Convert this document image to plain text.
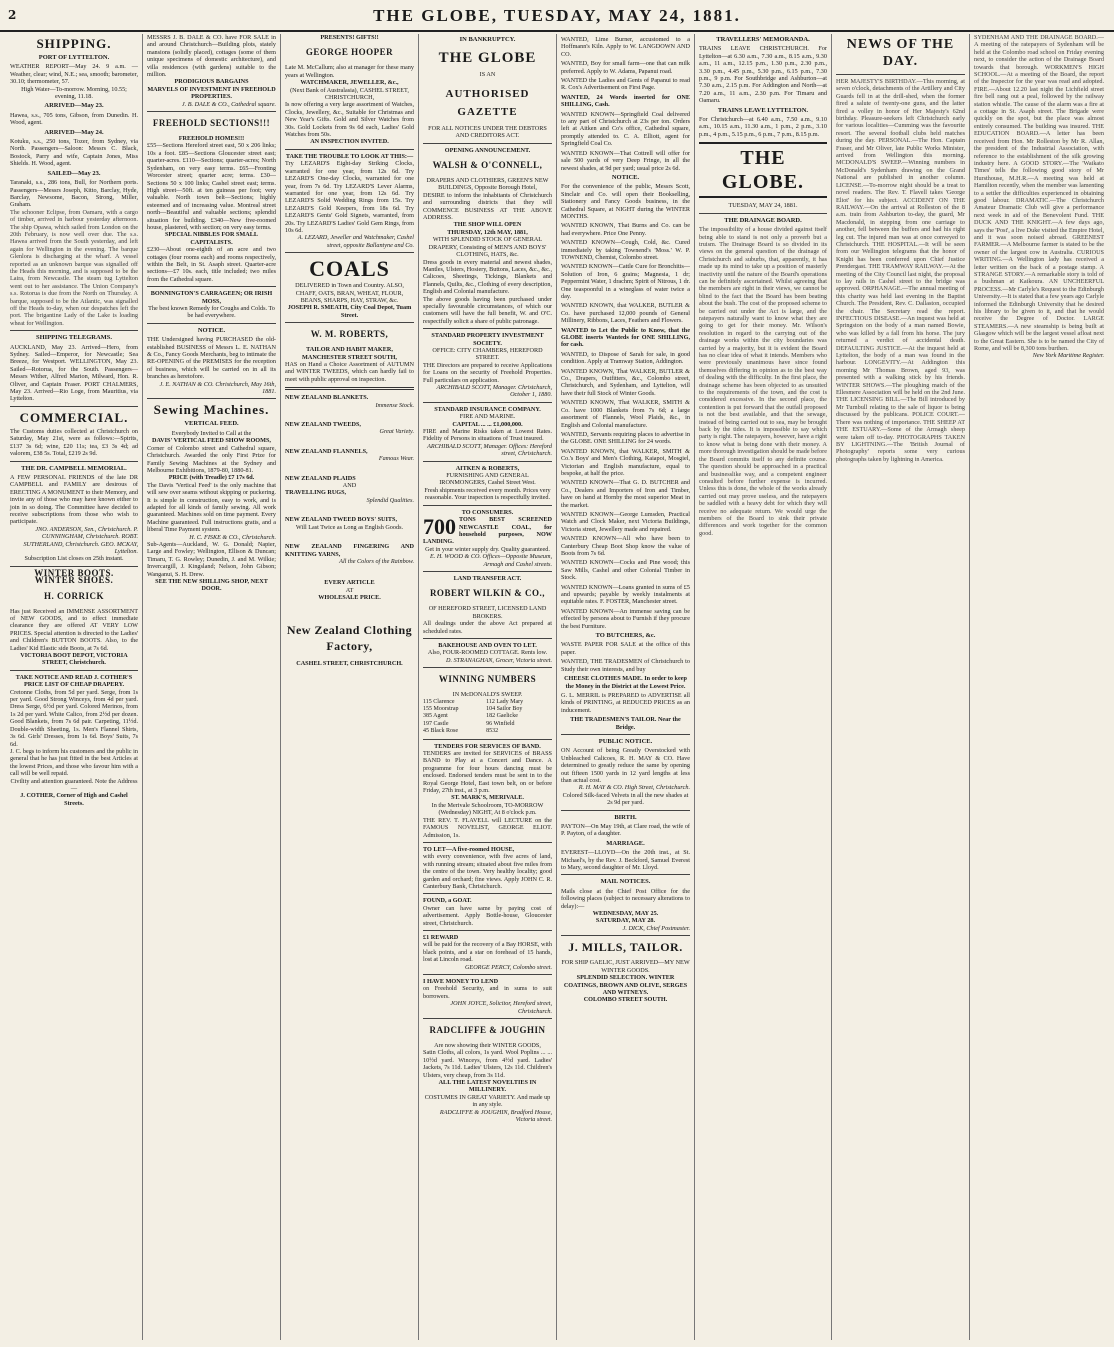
2	THE GLOBE, TUESDAY, MAY 24, 1881.
SHIPPING.
PORT OF LYTTELTON.
WEATHER REPORT—May 24. 9 a.m. — Weather, clear; wind, N.E.; sea, smooth; barometer, 30.10; thermometer, 57.
High Water—To-morrow. Morning, 10.55; evening, 11.18.
ARRIVED—May 23.
Hawea, s.s., 705 tons, Gibson, from Dunedin. H. Wood, agent.
ARRIVED—May 24.
Kotuku, s.s., 250 tons, Tozer, from Sydney, via North. Passengers—Saloon: Messrs C. Black, Bostock, Parry and wife, Captain Jones, Miss Shields. H. Wood, agent.
SAILED—May 23.
Taranaki, s.s., 286 tons, Bull, for Northern ports. Passengers—Messrs Joseph, Kitto, Barclay, Hyde, Barclay, Newsome, Bacon, Strong, Miller, Graham.
The schooner Eclipse, from Oamaru, with a cargo of timber, arrived in harbour yesterday afternoon. The ship Opawa, which sailed from London on the 20th February, is now well over due. The s.s. Hawea arrived from the South yesterday, and left again for Wellington in the evening. The barque Glenlora is discharging at the wharf. A vessel reported as an unknown barque was signalled off the Heads this morning, and is supposed to be the Laira, from Newcastle. The steam tug Lyttelton went out to her assistance. The Union Company's s.s. Rotorua is due from the North on Thursday. A barque, supposed to be the Atlantic, was signalled off the Heads to-day, when our despatches left the port. The brigantine Lady of the Lake is loading wheat for Wellington.
SHIPPING TELEGRAMS.
AUCKLAND, May 23. Arrived—Hero, from Sydney. Sailed—Emperor, for Newcastle; Sea Breeze, for Westport. WELLINGTON, May 23. Sailed—Rotorua, for the South. Passengers—Messrs Wither, Alfred Marion, Milward, Hon. R. Oliver, and Captain Fraser. PORT CHALMERS, May 23. Arrived—Rio Loge, from Mauritius, via Lyttelton.
COMMERCIAL.
The Customs duties collected at Christchurch on Saturday, May 21st, were as follows:—Spirits, £137 3s 6d; wine, £20 11s; tea, £3 3s 4d; ad valorem, £38 5s. Total, £219 2s 9d.
THE DR. CAMPBELL MEMORIAL.
A FEW PERSONAL FRIENDS of the late DR CAMPBELL and FAMILY are desirous of ERECTING A MONUMENT to their Memory, and invite any of those who may have known either to join in so doing. The Committee have decided to receive subscriptions from those who wish to participate.
JNO. ANDERSON, Sen., Christchurch. P. CUNNINGHAM, Christchurch. ROBT. SUTHERLAND, Christchurch. GEO. MCKAY, Lyttelton.
Subscription List closes on 25th instant.
WINTER BOOTS.
WINTER SHOES.
H. CORRICK
Has just Received an IMMENSE ASSORTMENT of NEW GOODS, and to effect immediate clearance they are offered AT VERY LOW PRICES. Special attention is directed to the Ladies' and Children's BUTTON BOOTS. Also, to the Ladies' Kid Elastic side Boots, at 7s 6d.
VICTORIA BOOT DEPOT, VICTORIA STREET, Christchurch.
TAKE NOTICE AND READ J. COTHER'S PRICE LIST OF CHEAP DRAPERY.
Cretonne Cloths, from 5d per yard. Serge, from 1s per yard. Good Strong Winceys, from 4d per yard. Dress Serge, 6½d per yard. Colored Merinos, from 1s 2d per yard. White Calico, from 2½d per dozen. Good Blankets, from 7s 6d pair. Carpeting, 11½d. Double-width Sheeting, 1s. Men's Flannel Shirts, 3s 6d. Girls' Dresses, from 1s 6d. Boys' Suits, 7s 6d.
J. C. begs to inform his customers and the public in general that he has just fitted in the best Articles at the lowest Prices, and those who favour him with a call will be well repaid.
Civility and attention guaranteed. Note the Address—
J. COTHER, Corner of High and Cashel Streets.
MESSRS J. B. DALE & CO. have FOR SALE in and around Christchurch—Building plots, stately mansions (solidly placed), cottages (some of them unique specimens of domestic architecture), and villa residences (with gardens) suitable to the million.
PRODIGIOUS BARGAINS
MARVELS OF INVESTMENT IN FREEHOLD PROPERTIES.
J. B. DALE & CO., Cathedral square.
FREEHOLD SECTIONS!!!
FREEHOLD HOMES!!!
£55—Sections Hereford street east, 50 x 206 links; 10s a foot. £85—Sections Gloucester street east; quarter-acres. £110—Sections; quarter-acres; North Sydenham, on very easy terms. £65—Fronting Worcester street; quarter acre; terms. £30—Sections 50 x 100 links; Cashel street east; terms. High street—50ft. at ten guineas per foot; very valuable. North town belt—Sections; highly esteemed and of increasing value. Montreal street north—Beautiful and valuable sections; splendid situation for building. £340—New five-roomed house, plastered, with section; on very easy terms.
SPECIAL NIBBLES FOR SMALL CAPITALISTS.
£230—About one-eighth of an acre and two cottages (four rooms each) and rooms respectively, within the Belt, in St. Asaph street. Quarter-acre sections—£7 10s. each, title included; two miles from the Cathedral square.
BONNINGTON'S CARRAGEEN; OR IRISH MOSS,
The best known Remedy for Coughs and Colds. To be had everywhere.
NOTICE.
THE Undersigned having PURCHASED the old-established BUSINESS of Messrs L. E. NATHAN & Co., Fancy Goods Merchants, beg to intimate the RE-OPENING of the PREMISES for the reception of business, which will be carried on in all its branches as heretofore.
J. E. NATHAN & CO. Christchurch, May 16th, 1881.
Sewing Machines.
VERTICAL FEED.
Everybody Invited to Call at the
DAVIS' VERTICAL FEED SHOW ROOMS,
Corner of Colombo street and Cathedral square, Christchurch. Awarded the only First Prize for Family Sewing Machines at the Sydney and Melbourne Exhibitions, 1879-80, 1880-81.
PRICE (with Treadle) £7 17s 6d.
The Davis 'Vertical Feed' is the only machine that will sew over seams without skipping or puckering. It is simple in construction, easy to work, and is adapted for all kinds of family sewing. All work guaranteed. Machines sold on time payment. Every Machine guaranteed. Full instructions gratis, and a liberal Time Payment system.
H. C. FISKE & CO., Christchurch.
Sub-Agents—Auckland, W. G. Donald; Napier, Large and Fowley; Wellington, Ellison & Duncan; Timaru, T. G. Rowley; Dunedin, J. and M. Wilkie; Invercargill, J. Kingsland; Nelson, John Gibson; Wanganui, S. H. Drew.
SEE THE NEW SHILLING SHOP, NEXT DOOR.
PRESENTS! GIFTS!!
GEORGE HOOPER
Late M. McCallum; also at manager for these many years at Wellington.
WATCHMAKER, JEWELLER, &c.,
(Next Bank of Australasia), CASHEL STREET, CHRISTCHURCH,
Is now offering a very large assortment of Watches, Clocks, Jewellery, &c., Suitable for Christmas and New Year's Gifts. Gold and Silver Watches from 30s. Gold Lockets from 9s 6d each, Ladies' Gold Watches from 50s.
AN INSPECTION INVITED.
TAKE THE TROUBLE TO LOOK AT THIS:—
Try LEZARD'S Eight-day Striking Clocks, warranted for one year, from 12s 6d. Try LEZARD'S One-day Clocks, warranted for one year, from 7s 6d. Try LEZARD'S Lever Alarms, warranted for one year, from 12s 6d. Try LEZARD'S Solid Wedding Rings from 15s. Try LEZARD'S Gold Keepers, from 18s 6d. Try LEZARD'S Gents' Gold Signets, warranted, from 20s. Try LEZARD'S Ladies' Gold Gem Rings, from 10s 6d.
A. LEZARD, Jeweller and Watchmaker, Cashel street, opposite Ballantyne and Co.
COALS
DELIVERED in Town and Country. ALSO, CHAFF, OATS, BRAN, WHEAT, FLOUR, BEANS, SHARPS, HAY, STRAW, &c.
JOSEPH R. SMEATH, City Coal Depot, Tuam Street.
W. M. ROBERTS,
TAILOR AND HABIT MAKER, MANCHESTER STREET SOUTH,
HAS on Hand a Choice Assortment of AUTUMN and WINTER TWEEDS, which can hardly fail to meet with public approval on inspection.
NEW ZEALAND BLANKETS.
Immense Stock.
NEW ZEALAND TWEEDS,
Great Variety.
NEW ZEALAND FLANNELS,
Famous Wear.
NEW ZEALAND PLAIDS
AND
TRAVELLING RUGS,
Splendid Qualities.
NEW ZEALAND TWEED BOYS' SUITS,
Will Last Twice as Long as English Goods.
NEW ZEALAND FINGERING AND KNITTING YARNS,
All the Colors of the Rainbow.
EVERY ARTICLE
AT
WHOLESALE PRICE.
New Zealand Clothing Factory,
CASHEL STREET, CHRISTCHURCH.
IN BANKRUPTCY.
THE GLOBE
IS AN
AUTHORISED GAZETTE
FOR ALL NOTICES UNDER THE DEBTORS AND CREDITORS ACT.
OPENING ANNOUNCEMENT.
WALSH & O'CONNELL,
DRAPERS AND CLOTHIERS, GREEN'S NEW BUILDINGS, Opposite Borough Hotel,
DESIRE to inform the inhabitants of Christchurch and surrounding districts that they will COMMENCE BUSINESS AT THE ABOVE ADDRESS.
THE SHOP WILL OPEN
THURSDAY, 12th MAY, 1881,
WITH SPLENDID STOCK OF GENERAL DRAPERY, Consisting of MEN'S AND BOYS' CLOTHING, HATS, &c.
Dress goods in every material and newest shades, Mantles, Ulsters, Hosiery, Buttons, Laces, &c., &c., Calicoes, Sheetings, Tickings, Blankets and Flannels, Quilts, &c., Clothing of every description, English and Colonial manufacture.
The above goods having been purchased under specially favourable circumstances, of which our customers will have the full benefit, W. and O'C. respectfully solicit a share of public patronage.
STANDARD PROPERTY INVESTMENT SOCIETY.
OFFICE: CITY CHAMBERS, HEREFORD STREET.
THE Directors are prepared to receive Applications for Loans on the security of Freehold Properties. Full particulars on application.
ARCHIBALD SCOTT, Manager. Christchurch, October 1, 1880.
STANDARD INSURANCE COMPANY.
FIRE AND MARINE.
CAPITAL ... ... £1,000,000.
FIRE and Marine Risks taken at Lowest Rates. Fidelity of Persons in situations of Trust insured.
ARCHIBALD SCOTT, Manager. Offices: Hereford street, Christchurch.
AITKEN & ROBERTS,
FURNISHING AND GENERAL IRONMONGERS, Cashel Street West.
Fresh shipments received every month. Prices very reasonable. Your inspection is respectfully invited.
TO CONSUMERS.
700 TONS BEST SCREENED NEWCASTLE COAL, for household purposes, NOW LANDING.
Get in your winter supply dry. Quality guaranteed.
E. H. WOOD & CO. Offices—Opposite Museum, Armagh and Cashel streets.
LAND TRANSFER ACT.
ROBERT WILKIN & CO.,
OF HEREFORD STREET, LICENSED LAND BROKERS.
All dealings under the above Act prepared at scheduled rates.
BAKEHOUSE AND OVEN TO LET.
Also, FOUR-ROOMED COTTAGE. Rents low.
D. STRANAGHAN, Grocer, Victoria street.
WINNING NUMBERS
IN McDONALD'S SWEEP.
115 Clarence	112 Lady Mary
155 Moorstrap	104 Sailor Boy
385 Agent	182 Gaelicke
197 Castle	96 Winfield
45 Black Rose	8532
TENDERS FOR SERVICES OF BAND.
TENDERS are invited for SERVICES of BRASS BAND to Play at a Concert and Dance. A programme for four hours dancing must be enclosed. Endorsed tenders must be sent in to the Royal George Hotel, East town belt, on or before Friday, 27th inst., at 3 p.m.
ST. MARK'S, MERIVALE.
In the Merivale Schoolroom, TO-MORROW (Wednesday) NIGHT, At 8 o'clock p.m.
THE REV. T. FLAVELL will LECTURE on the FAMOUS NOVELIST, GEORGE ELIOT. Admission, 1s.
TO LET—A five-roomed HOUSE,
with every convenience, with five acres of land, with running stream; situated about five miles from the centre of the town. Very healthy locality; good garden and orchard; fine views. Apply JOHN C. R. Canterbury Bank, Christchurch.
FOUND, a GOAT.
Owner can have same by paying cost of advertisement. Apply Bottle-house, Gloucester street, Christchurch.
£1 REWARD
will be paid for the recovery of a Bay HORSE, with black points, and a star on forehead of 15 hands, lost at Lincoln road.
GEORGE PERCY, Colombo street.
I HAVE MONEY TO LEND
on Freehold Security, and in sums to suit borrowers.
JOHN JOYCE, Solicitor, Hereford street, Christchurch.
RADCLIFFE & JOUGHIN
Are now showing their WINTER GOODS,
Satin Cloths, all colors, 1s yard. Wool Poplins ... ... 10½d yard. Winceys, from 4½d yard. Ladies' Jackets, 7s 11d. Ladies' Ulsters, 12s 11d. Children's Ulsters, very cheap, from 3s 11d.
ALL THE LATEST NOVELTIES IN MILLINERY.
COSTUMES IN GREAT VARIETY. And made up in any style.
RADCLIFFE & JOUGHIN, Bradford House, Victoria street.
WANTED, Lime Burner, accustomed to a Hoffmann's Kiln. Apply to W. LANGDOWN AND CO.
WANTED, Boy for small farm—one that can milk preferred. Apply to W. Adams, Papanui road.
WANTED the Ladies and Gents of Papanui to read R. Cox's Advertisement on First Page.
WANTED, 24 Words inserted for ONE SHILLING, Cash.
WANTED KNOWN—Springfield Coal delivered to any part of Christchurch at 23s per ton. Orders left at Aitken and Co's office, Cathedral square, promptly attended to. C. A. Elliott, agent for Springfield Coal Co.
WANTED KNOWN—That Cottrell will offer for sale 500 yards of very Deep Fringe, in all the newest shades, at 9d per yard; usual price 2s 6d.
NOTICE.
For the convenience of the public, Messrs Scott, Sinclair and Co. will open their Bookselling, Stationery and Fancy Goods business, in the Cathedral Square, at NIGHT during the WINTER MONTHS.
WANTED KNOWN, That Burns and Co. can be had everywhere. Price One Penny.
WANTED KNOWN—Cough, Cold, &c. Cured immediately by taking Townend's 'Moss.' W. P. TOWNEND, Chemist, Colombo street.
WANTED KNOWN—Cattle Cure for Bronchitis—Solution of Iron, 6 grains; Magnesia, 1 dr; Peppermint Water, 1 drachm; Spirit of Nitrous, 1 dr. One teaspoonful in a wineglass of water twice a day.
WANTED KNOWN, that WALKER, BUTLER & Co. have purchased 12,000 pounds of General Millinery, Ribbons, Laces, Feathers and Flowers.
WANTED to Let the Public to Know, that the GLOBE inserts Wanteds for ONE SHILLING, for cash.
WANTED, to Dispose of Sarah for sale, in good condition. Apply at Tramway Station, Addington.
WANTED KNOWN, That WALKER, BUTLER & Co., Drapers, Outfitters, &c., Colombo street, Christchurch, and Sydenham, and Lyttelton, will have their full Stock of Winter Goods.
WANTED KNOWN, That WALKER, SMITH & Co. have 1000 Blankets from 7s 6d; a large assortment of Flannels, Wool Plaids, &c., in English and Colonial manufacture.
WANTED, Servants requiring places to advertise in the GLOBE. ONE SHILLING for 24 words.
WANTED KNOWN, that WALKER, SMITH & Co.'s Boys' and Men's Clothing, Kaiapoi, Mosgiel, Victorian and English manufacture, equal to bespoke, at half the price.
WANTED KNOWN—That G. D. BUTCHER and Co., Dealers and Importers of Iron and Timber, have on hand at Hornby the most superior Meat in the market.
WANTED KNOWN—George Lumsden, Practical Watch and Clock Maker, next Victoria Buildings, Victoria street, Jewellery made and repaired.
WANTED KNOWN—All who have been to Canterbury Cheap Boot Shop know the value of Boots from 7s 6d.
WANTED KNOWN—Cocks and Pine wood; this Saw Mills, Cashel and other Colonial Timber in Stock.
WANTED KNOWN—Loans granted in sums of £5 and upwards; payable by weekly instalments at equitable rates. F. FOSTER, Manchester street.
WANTED KNOWN—An immense saving can be effected by persons about to Furnish if they procure the best Furniture.
TO BUTCHERS, &c.
WASTE PAPER FOR SALE at the office of this paper.
WANTED, THE TRADESMEN of Christchurch to Study their own interests, and buy
CHEESE CLOTHES MADE. In order to keep the Money in the District at the Lowest Price.
G. L. MERRIL is PREPARED to ADVERTISE all kinds of PRINTING, at REDUCED PRICES as an inducement.
THE TRADESMEN'S TAILOR. Near the Bridge.
PUBLIC NOTICE.
ON Account of being Greatly Overstocked with Unbleached Calicoes, R. H. MAY & CO. Have determined to greatly reduce the same by opening out fifteen 1500 yards in 12 yard lengths at less than actual cost.
R. H. MAY & CO. High Street, Christchurch.
Colored Silk-faced Velvets in all the new shades at 2s 9d per yard.
BIRTH.
PAYTON—On May 19th, at Clare road, the wife of P. Payton, of a daughter.
MARRIAGE.
EVEREST—LLOYD—On the 20th inst., at St. Michael's, by the Rev. J. Beckford, Samuel Everest to Mary, second daughter of Mr. Lloyd.
MAIL NOTICES.
Mails close at the Chief Post Office for the following places (subject to necessary alterations to delay):—
WEDNESDAY, MAY 25.
SATURDAY, MAY 28.
J. DICK, Chief Postmaster.
J. MILLS, TAILOR.
FOR SHIP GAELIC, JUST ARRIVED—MY NEW WINTER GOODS.
SPLENDID SELECTION. WINTER COATINGS, BROWN AND OLIVE, SERGES AND WITNEYS.
COLOMBO STREET SOUTH.
TRAVELLERS' MEMORANDA.
TRAINS LEAVE CHRISTCHURCH. For Lyttelton—at 6.30 a.m., 7.30 a.m., 8.15 a.m., 9.30 a.m., 11 a.m., 12.15 p.m., 1.30 p.m., 2.30 p.m., 3.30 p.m., 4.45 p.m., 5.30 p.m., 6.15 p.m., 7.30 p.m., 9 p.m. For Southbridge and Ashburton—at 7.30 a.m., 2.15 p.m. For Addington and North—at 7.20 a.m., 11 a.m., 2.30 p.m. For Timaru and Oamaru.
TRAINS LEAVE LYTTELTON.
For Christchurch—at 6.40 a.m., 7.50 a.m., 9.10 a.m., 10.15 a.m., 11.30 a.m., 1 p.m., 2 p.m., 3.10 p.m., 4 p.m., 5.15 p.m., 6 p.m., 7 p.m., 8.15 p.m.
THE GLOBE.
TUESDAY, MAY 24, 1881.
THE DRAINAGE BOARD.
The impossibility of a house divided against itself being able to stand is not only a proverb but a truism. The Drainage Board is so divided in its views on the general question of the drainage of Christchurch and suburbs, that, apparently, it has made up its mind to take up a position of masterly inactivity until the nature of the Board's operations can be definitely ascertained. Whilst agreeing that the members are right in their views, we cannot be blind to the fact that the Board has been beating about the bush. The cost of the proposed scheme to be carried out under the Act is large, and the ratepayers naturally want to know what they are going to get for their money. Mr. Wilson's resolution in regard to the carrying out of the drainage works within the city boundaries was carried by a majority, but it is evident the Board has no clear idea of what it intends. Members who were previously unanimous have since found themselves differing in opinion as to the best way of dealing with the difficulty. In the first place, the drainage scheme has been objected to as unsuited to the requirements of the town, and the cost is considered excessive. In the second place, the contention is put forward that the outfall proposed is not the best available, and that the sewage, instead of being carried out to sea, may be brought back by the tides. It is impossible to say which party is right. The ratepayers, however, have a right to know what is being done with their money. A more thorough investigation should be made before the Board commits itself to any definite course. The question should be approached in a practical and businesslike way, and a competent engineer consulted before further expense is incurred. Unless this is done, the whole of the works already carried out may prove useless, and the ratepayers be saddled with a heavy debt for which they will receive no adequate return. We would urge the members of the Board to sink their private differences and work together for the common good.
NEWS OF THE DAY.
HER MAJESTY'S BIRTHDAY.—This morning, at seven o'clock, detachments of the Artillery and City Guards fell in at the drill-shed, when the former fired a salute of twenty-one guns, and the latter fired a volley in honor of Her Majesty's 62nd birthday. Pleasure-seekers left Christchurch early for various localities—Cumming was the favourite resort. The several football clubs held matches during the day. PERSONAL.—The Hon. Captain Fraser, and Mr Oliver, late Public Works Minister, arrived from Wellington this morning. MCDONALD'S SWEEP.—Winning numbers in McDonald's Sydenham drawing on the Grand National are published in another column. LICENSE.—To-morrow night should be a treat to novel readers. The Rev. T. Flavell takes 'George Eliot' for his subject. ACCIDENT ON THE RAILWAY.—On the arrival at Rolleston of the 8 a.m. train from Ashburton to-day, the guard, Mr Macdonald, in stepping from one carriage to another, fell between the buffers and had his right leg cut. The injured man was at once conveyed to Christchurch. THE HOSPITAL.—It will be seen from our Wellington telegrams that the honor of Knight has been conferred upon Chief Justice Prendergast. THE TRAMWAY RAILWAY.—At the meeting of the City Council last night, the proposal to lay rails in Cashel street to the bridge was approved. ORPHANAGE.—The annual meeting of this charity was held last evening in the Baptist Church. The President, Rev. C. Dallaston, occupied the chair. The Secretary read the report. INFECTIOUS DISEASE.—An inquest was held at Springston on the body of a man named Bowie, who was killed by a fall from his horse. The jury returned a verdict of accidental death. DEFAULTING JUSTICE.—At the inquest held at Lyttelton, the body of a man was found in the harbour. LONGEVITY.—At Addington this morning Mr Thomas Brown, aged 93, was presented with a walking stick by his friends. WINTER SHOWS.—The ploughing match of the Ellesmere Association will be held on the 2nd June. THE LICENSING BILL.—The Bill introduced by Mr Turnbull relating to the sale of liquor is being discussed by the publicans. POLICE COURT.—There was nothing of importance. THE SHEEP AT THE ESTUARY.—Some of the Armagh sheep were taken off to-day. PHOTOGRAPHS TAKEN BY LIGHTNING.—The 'British Journal of Photography' reports some very curious photographs taken by lightning in America.
SYDENHAM AND THE DRAINAGE BOARD.—A meeting of the ratepayers of Sydenham will be held at the Colombo road school on Friday evening next, to consider the action of the Drainage Board towards that borough. WORKMEN'S HIGH SCHOOL.—At a meeting of the Board, the report of the Inspector for the year was read and adopted. FIRE.—About 12.20 last night the Lichfield street fire bell rang out a peal, followed by the railway station whistle. The cause of the alarm was a fire at a cottage in St. Asaph street. The Brigade were quickly on the spot, but the place was almost entirely consumed. The building was insured. THE EDUCATION BOARD.—A letter has been received from Hon. Mr Rolleston by Mr R. Allan, the president of the Industrial Association, with reference to the establishment of the silk growing industry here. A GOOD STORY.—The 'Waikato Times' tells the following good story of Mr Hursthouse, M.H.R.—A meeting was held at Hamilton recently, when the member was lamenting to a settler the difficulties experienced in obtaining good labour. DRAMATIC.—The Christchurch Amateur Dramatic Club will give a performance next week in aid of the Benevolent Fund. THE DUCK AND THE KNIGHT.—A few days ago, says the 'Post', a live Duke visited the Empire Hotel, and it was soon noised abroad. GREENEST FARMER.—A Melbourne farmer is stated to be the owner of the largest cow in Australia. CURIOUS WRITING.—A Wellington lady has received a letter written on the back of a postage stamp. A STRANGE STORY.—A remarkable story is told of a bushman at Kaikoura. AN UNCHEERFUL PROCESS.—Mr Carlyle's Request to the Edinburgh University.—It is stated that a few years ago Carlyle informed the Edinburgh University that he desired his library to be given to it, and that he would receive the Degree of Doctor. LARGE STEAMERS.—A new steamship is being built at Glasgow which will be the largest vessel afloat next to the Great Eastern. She is to be named the City of Rome, and will be 8,300 tons burthen.
New York Maritime Register.
